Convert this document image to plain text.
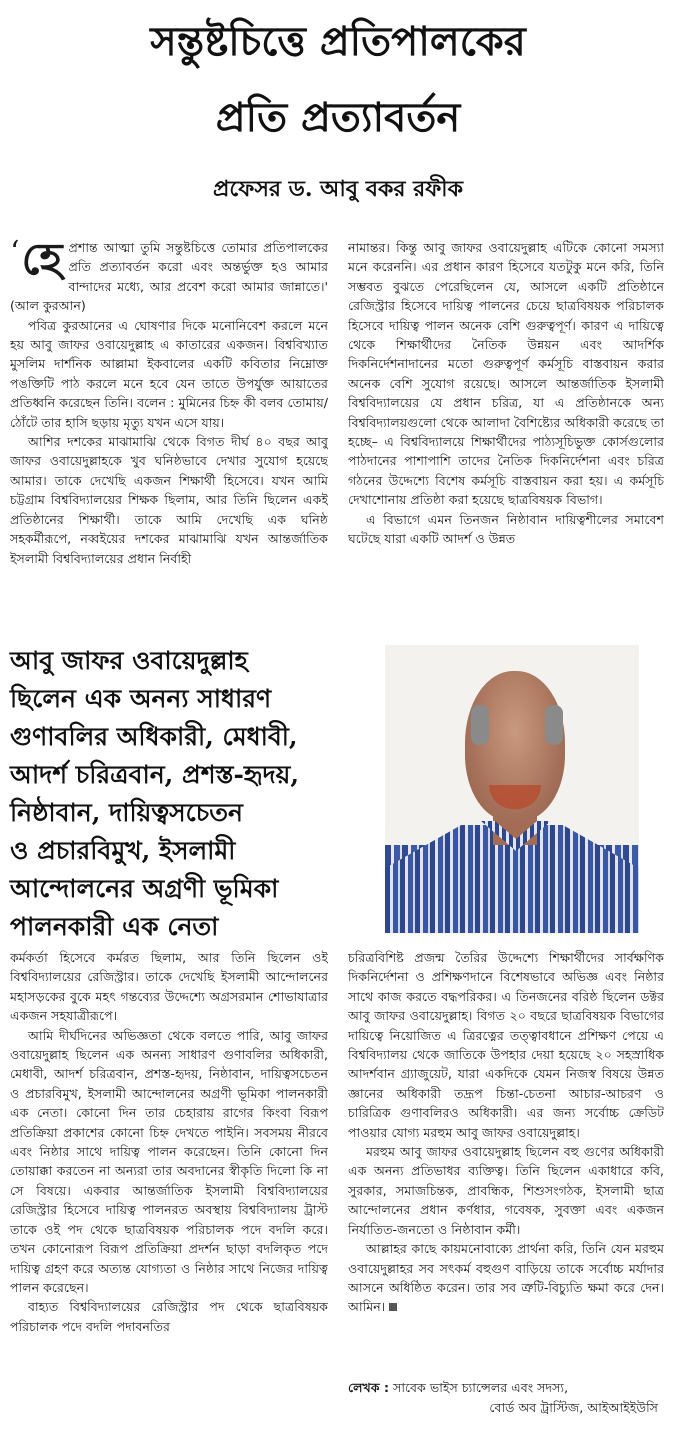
সন্তুষ্টচিত্তে প্রতিপালকের
প্রতি প্রত্যাবর্তন
প্রফেসর ড. আবু বকর রফীক

‘ হে প্রশান্ত আত্মা তুমি সন্তুষ্টচিত্তে তোমার প্রতিপালকের প্রতি প্রত্যাবর্তন করো এবং অন্তর্ভুক্ত হও আমার বান্দাদের মধ্যে, আর প্রবেশ করো আমার জান্নাতে।' (আল কুরআন)

পবিত্র কুরআনের এ ঘোষণার দিকে মনোনিবেশ করলে মনে হয় আবু জাফর ওবায়েদুল্লাহ এ কাতারের একজন। বিশ্ববিখ্যাত মুসলিম দার্শনিক আল্লামা ইকবালের একটি কবিতার নিম্নোক্ত পঙক্তিটি পাঠ করলে মনে হবে যেন তাতে উপর্যুক্ত আয়াতের প্রতিধ্বনি করেছেন তিনি। বলেন : মুমিনের চিহ্ন কী বলব তোমায়/ঠোঁটে তার হাসি ছড়ায় মৃত্যু যখন এসে যায়।

আশির দশকের মাঝামাঝি থেকে বিগত দীর্ঘ ৪০ বছর আবু জাফর ওবায়েদুল্লাহকে খুব ঘনিষ্ঠভাবে দেখার সুযোগ হয়েছে আমার। তাকে দেখেছি একজন শিক্ষার্থী হিসেবে। যখন আমি চট্টগ্রাম বিশ্ববিদ্যালয়ের শিক্ষক ছিলাম, আর তিনি ছিলেন একই প্রতিষ্ঠানের শিক্ষার্থী। তাকে আমি দেখেছি এক ঘনিষ্ঠ সহকর্মীরূপে, নব্বইয়ের দশকের মাঝামাঝি যখন আন্তর্জাতিক ইসলামী বিশ্ববিদ্যালয়ের প্রধান নির্বাহী

নামান্তর। কিন্তু আবু জাফর ওবায়েদুল্লাহ এটিকে কোনো সমস্যা মনে করেননি। এর প্রধান কারণ হিসেবে যতটুকু মনে করি, তিনি সম্ভবত বুঝতে পেরেছিলেন যে, আসলে একটি প্রতিষ্ঠানে রেজিস্ট্রার হিসেবে দায়িত্ব পালনের চেয়ে ছাত্রবিষয়ক পরিচালক হিসেবে দায়িত্ব পালন অনেক বেশি গুরুত্বপূর্ণ। কারণ এ দায়িত্বে থেকে শিক্ষার্থীদের নৈতিক উন্নয়ন এবং আদর্শিক দিকনির্দেশনাদানের মতো গুরুত্বপূর্ণ কর্মসূচি বাস্তবায়ন করার অনেক বেশি সুযোগ রয়েছে। আসলে আন্তর্জাতিক ইসলামী বিশ্ববিদ্যালয়ের যে প্রধান চরিত্র, যা এ প্রতিষ্ঠানকে অন্য বিশ্ববিদ্যালয়গুলো থেকে আলাদা বৈশিষ্ট্যের অধিকারী করেছে তা হচ্ছে– এ বিশ্ববিদ্যালয়ে শিক্ষার্থীদের পাঠ্যসূচিভুক্ত কোর্সগুলোর পাঠদানের পাশাপাশি তাদের নৈতিক দিকনির্দেশনা এবং চরিত্র গঠনের উদ্দেশ্যে বিশেষ কর্মসূচি বাস্তবায়ন করা হয়। এ কর্মসূচি দেখাশোনায় প্রতিষ্ঠা করা হয়েছে ছাত্রবিষয়ক বিভাগ।

এ বিভাগে এমন তিনজন নিষ্ঠাবান দায়িত্বশীলের সমাবেশ ঘটেছে যারা একটি আদর্শ ও উন্নত

আবু জাফর ওবায়েদুল্লাহ
ছিলেন এক অনন্য সাধারণ
গুণাবলির অধিকারী, মেধাবী,
আদর্শ চরিত্রবান, প্রশস্ত-হৃদয়,
নিষ্ঠাবান, দায়িত্বসচেতন
ও প্রচারবিমুখ, ইসলামী
আন্দোলনের অগ্রণী ভূমিকা
পালনকারী এক নেতা

কর্মকর্তা হিসেবে কর্মরত ছিলাম, আর তিনি ছিলেন ওই বিশ্ববিদ্যালয়ের রেজিস্ট্রার। তাকে দেখেছি ইসলামী আন্দোলনের মহাসড়কের বুকে মহৎ গন্তব্যের উদ্দেশ্যে অগ্রসরমান শোভাযাত্রার একজন সহযাত্রীরূপে।

আমি দীর্ঘদিনের অভিজ্ঞতা থেকে বলতে পারি, আবু জাফর ওবায়েদুল্লাহ ছিলেন এক অনন্য সাধারণ গুণাবলির অধিকারী, মেধাবী, আদর্শ চরিত্রবান, প্রশস্ত-হৃদয়, নিষ্ঠাবান, দায়িত্বসচেতন ও প্রচারবিমুখ, ইসলামী আন্দোলনের অগ্রণী ভূমিকা পালনকারী এক নেতা। কোনো দিন তার চেহারায় রাগের কিংবা বিরূপ প্রতিক্রিয়া প্রকাশের কোনো চিহ্ন দেখতে পাইনি। সবসময় নীরবে এবং নিষ্ঠার সাথে দায়িত্ব পালন করেছেন। তিনি কোনো দিন তোয়াক্কা করতেন না অন্যরা তার অবদানের স্বীকৃতি দিলো কি না সে বিষয়ে। একবার আন্তর্জাতিক ইসলামী বিশ্ববিদ্যালয়ের রেজিস্ট্রার হিসেবে দায়িত্ব পালনরত অবস্থায় বিশ্ববিদ্যালয় ট্রাস্ট তাকে ওই পদ থেকে ছাত্রবিষয়ক পরিচালক পদে বদলি করে। তখন কোনোরূপ বিরূপ প্রতিক্রিয়া প্রদর্শন ছাড়া বদলিকৃত পদে দায়িত্ব গ্রহণ করে অত্যন্ত যোগ্যতা ও নিষ্ঠার সাথে নিজের দায়িত্ব পালন করেছেন।

বাহ্যত বিশ্ববিদ্যালয়ের রেজিস্ট্রার পদ থেকে ছাত্রবিষয়ক পরিচালক পদে বদলি পদাবনতির

চরিত্রবিশিষ্ট প্রজন্ম তৈরির উদ্দেশ্যে শিক্ষার্থীদের সার্বক্ষণিক দিকনির্দেশনা ও প্রশিক্ষণদানে বিশেষভাবে অভিজ্ঞ এবং নিষ্ঠার সাথে কাজ করতে বদ্ধপরিকর। এ তিনজনের বরিষ্ঠ ছিলেন ডক্টর আবু জাফর ওবায়েদুল্লাহ। বিগত ২০ বছরে ছাত্রবিষয়ক বিভাগের দায়িত্বে নিয়োজিত এ ত্রিরত্নের তত্ত্বাবধানে প্রশিক্ষণ পেয়ে এ বিশ্ববিদ্যালয় থেকে জাতিকে উপহার দেয়া হয়েছে ২০ সহস্রাধিক আদর্শবান গ্র্যাজুয়েট, যারা একদিকে যেমন নিজস্ব বিষয়ে উন্নত জ্ঞানের অধিকারী তদ্রূপ চিন্তা-চেতনা আচার-আচরণ ও চারিত্রিক গুণাবলিরও অধিকারী। এর জন্য সর্বোচ্চ ক্রেডিট পাওয়ার যোগ্য মরহুম আবু জাফর ওবায়েদুল্লাহ।

মরহুম আবু জাফর ওবায়েদুল্লাহ ছিলেন বহু গুণের অধিকারী এক অনন্য প্রতিভাধর ব্যক্তিত্ব। তিনি ছিলেন একাধারে কবি, সুরকার, সমাজচিন্তক, প্রাবন্ধিক, শিশুসংগঠক, ইসলামী ছাত্র আন্দোলনের প্রধান কর্ণধার, গবেষক, সুবক্তা এবং একজন নির্যাতিত-জনতো ও নিষ্ঠাবান কর্মী।

আল্লাহর কাছে কায়মনোবাক্যে প্রার্থনা করি, তিনি যেন মরহুম ওবায়েদুল্লাহর সব সৎকর্ম বহুগুণ বাড়িয়ে তাকে সর্বোচ্চ মর্যাদার আসনে অধিষ্ঠিত করেন। তার সব ত্রুটি-বিচ্যুতি ক্ষমা করে দেন। আমিন।

লেখক : সাবেক ভাইস চ্যান্সেলর এবং সদস্য,
বোর্ড অব ট্রাস্টিজ, আইআইইউসি
